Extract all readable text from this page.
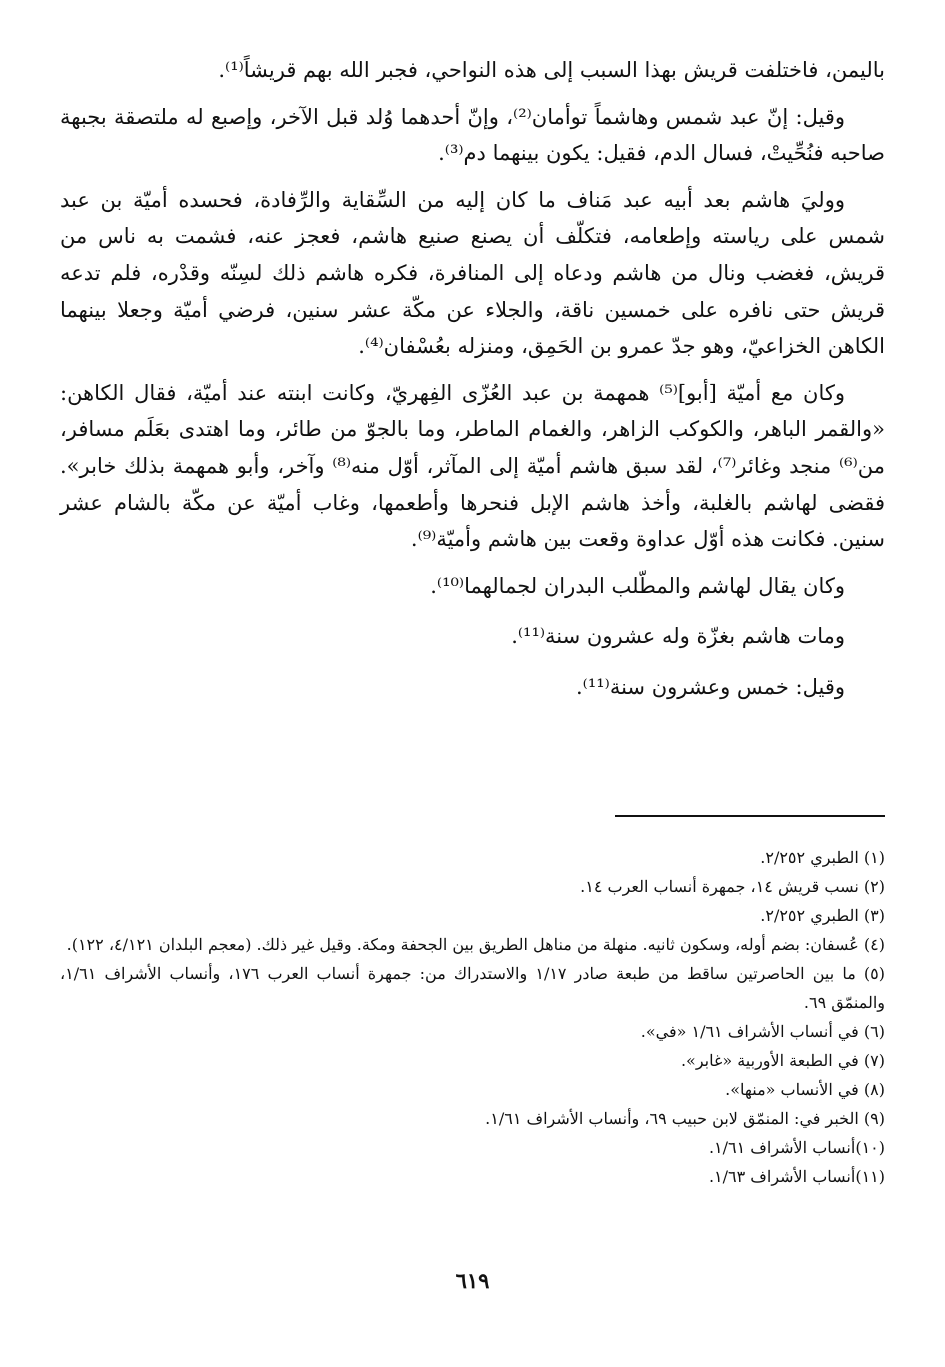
باليمن، فاختلفت قريش بهذا السبب إلى هذه النواحي، فجبر الله بهم قريشاً⁽¹⁾.

وقيل: إنّ عبد شمس وهاشماً توأمان⁽²⁾، وإنّ أحدهما وُلد قبل الآخر، وإصبع له ملتصقة بجبهة صاحبه فنُحِّيتْ، فسال الدم، فقيل: يكون بينهما دم⁽³⁾.

ووليَ هاشم بعد أبيه عبد مَناف ما كان إليه من السِّقاية والرِّفادة، فحسده أميّة بن عبد شمس على رياسته وإطعامه، فتكلّف أن يصنع صنيع هاشم، فعجز عنه، فشمت به ناس من قريش، فغضب ونال من هاشم ودعاه إلى المنافرة، فكره هاشم ذلك لسِنّه وقدْره، فلم تدعه قريش حتى نافره على خمسين ناقة، والجلاء عن مكّة عشر سنين، فرضي أميّة وجعلا بينهما الكاهن الخزاعيّ، وهو جدّ عمرو بن الحَمِق، ومنزله بعُسْفان⁽⁴⁾.

وكان مع أميّة [أبو]⁽⁵⁾ همهمة بن عبد العُزّى الفِهريّ، وكانت ابنته عند أميّة، فقال الكاهن: «والقمر الباهر، والكوكب الزاهر، والغمام الماطر، وما بالجوّ من طائر، وما اهتدى بعَلَم مسافر، من⁽⁶⁾ منجد وغائر⁽⁷⁾، لقد سبق هاشم أميّة إلى المآثر، أوّل منه⁽⁸⁾ وآخر، وأبو همهمة بذلك خابر». فقضى لهاشم بالغلبة، وأخذ هاشم الإبل فنحرها وأطعمها، وغاب أميّة عن مكّة بالشام عشر سنين. فكانت هذه أوّل عداوة وقعت بين هاشم وأميّة⁽⁹⁾.

وكان يقال لهاشم والمطّلب البدران لجمالهما⁽¹⁰⁾.

ومات هاشم بغزّة وله عشرون سنة⁽¹¹⁾.

وقيل: خمس وعشرون سنة⁽¹¹⁾.

(١) الطبري ٢/٢٥٢.

(٢) نسب قريش ١٤، جمهرة أنساب العرب ١٤.

(٣) الطبري ٢/٢٥٢.

(٤) عُسفان: بضم أوله، وسكون ثانيه. منهلة من مناهل الطريق بين الجحفة ومكة. وقيل غير ذلك. (معجم البلدان ٤/١٢١، ١٢٢).

(٥) ما بين الحاصرتين ساقط من طبعة صادر ١/١٧ والاستدراك من: جمهرة أنساب العرب ١٧٦، وأنساب الأشراف ١/٦١، والمنمّق ٦٩.

(٦) في أنساب الأشراف ١/٦١ «في».

(٧) في الطبعة الأوربية «غابر».

(٨) في الأنساب «منها».

(٩) الخبر في: المنمّق لابن حبيب ٦٩، وأنساب الأشراف ١/٦١.

(١٠)أنساب الأشراف ١/٦١.

(١١)أنساب الأشراف ١/٦٣.

٦١٩
